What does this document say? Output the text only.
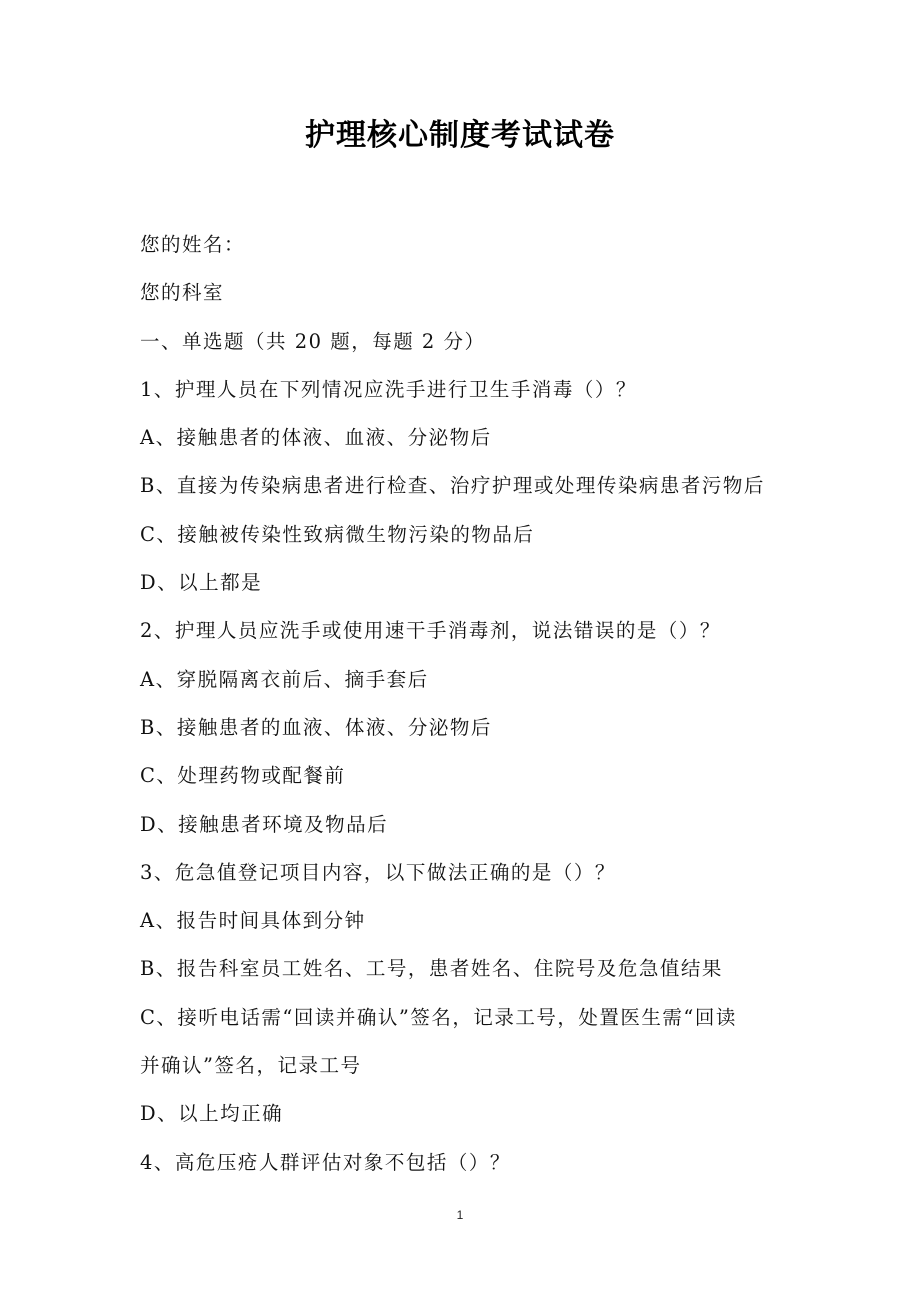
护理核心制度考试试卷
您的姓名：
您的科室
一、单选题（共 20 题，每题 2 分）
1、护理人员在下列情况应洗手进行卫生手消毒（）？
A、接触患者的体液、血液、分泌物后
B、直接为传染病患者进行检查、治疗护理或处理传染病患者污物后
C、接触被传染性致病微生物污染的物品后
D、以上都是
2、护理人员应洗手或使用速干手消毒剂，说法错误的是（）？
A、穿脱隔离衣前后、摘手套后
B、接触患者的血液、体液、分泌物后
C、处理药物或配餐前
D、接触患者环境及物品后
3、危急值登记项目内容，以下做法正确的是（）？
A、报告时间具体到分钟
B、报告科室员工姓名、工号，患者姓名、住院号及危急值结果
C、接听电话需“回读并确认”签名，记录工号，处置医生需“回读
并确认”签名，记录工号
D、以上均正确
4、高危压疮人群评估对象不包括（）？
1
